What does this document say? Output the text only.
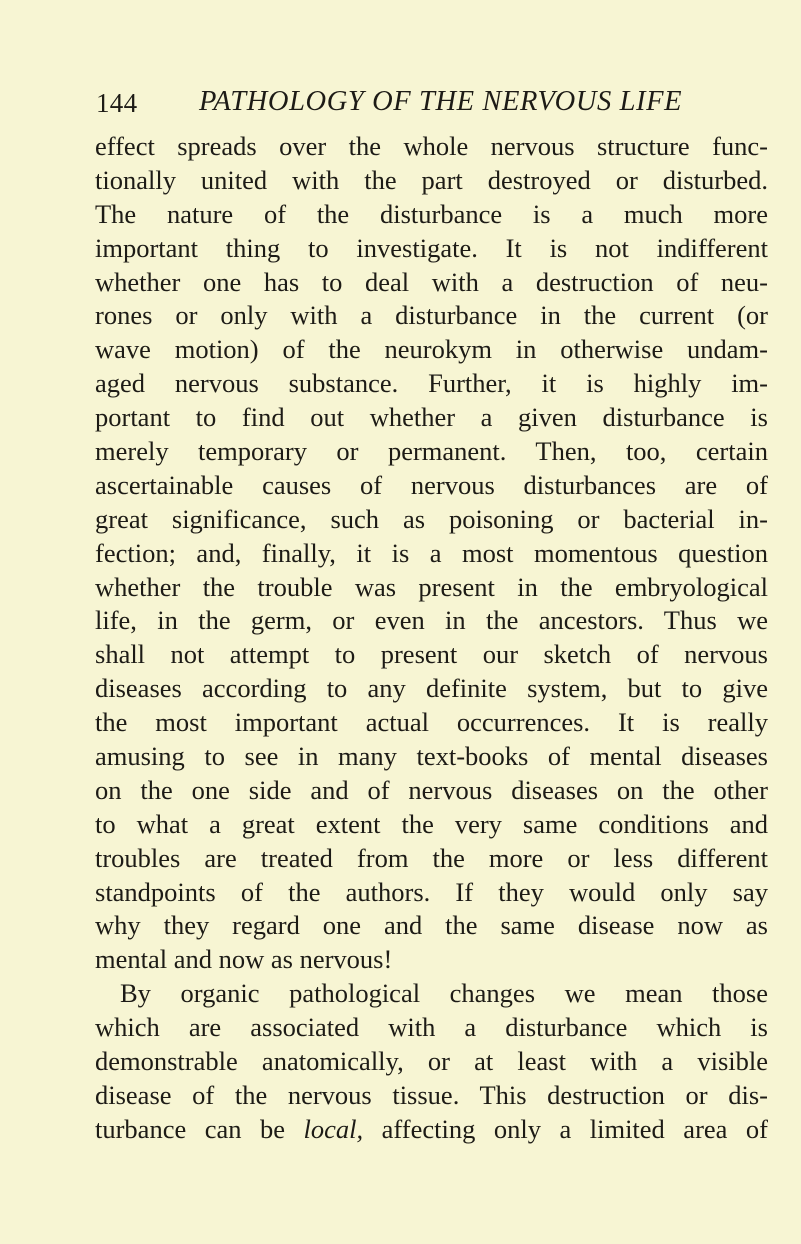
144 PATHOLOGY OF THE NERVOUS LIFE
effect spreads over the whole nervous structure func-
tionally united with the part destroyed or disturbed.
The nature of the disturbance is a much more
important thing to investigate. It is not indifferent
whether one has to deal with a destruction of neu-
rones or only with a disturbance in the current (or
wave motion) of the neurokym in otherwise undam-
aged nervous substance. Further, it is highly im-
portant to find out whether a given disturbance is
merely temporary or permanent. Then, too, certain
ascertainable causes of nervous disturbances are of
great significance, such as poisoning or bacterial in-
fection; and, finally, it is a most momentous question
whether the trouble was present in the embryological
life, in the germ, or even in the ancestors. Thus we
shall not attempt to present our sketch of nervous
diseases according to any definite system, but to give
the most important actual occurrences. It is really
amusing to see in many text-books of mental diseases
on the one side and of nervous diseases on the other
to what a great extent the very same conditions and
troubles are treated from the more or less different
standpoints of the authors. If they would only say
why they regard one and the same disease now as
mental and now as nervous!
By organic pathological changes we mean those
which are associated with a disturbance which is
demonstrable anatomically, or at least with a visible
disease of the nervous tissue. This destruction or dis-
turbance can be local, affecting only a limited area of
